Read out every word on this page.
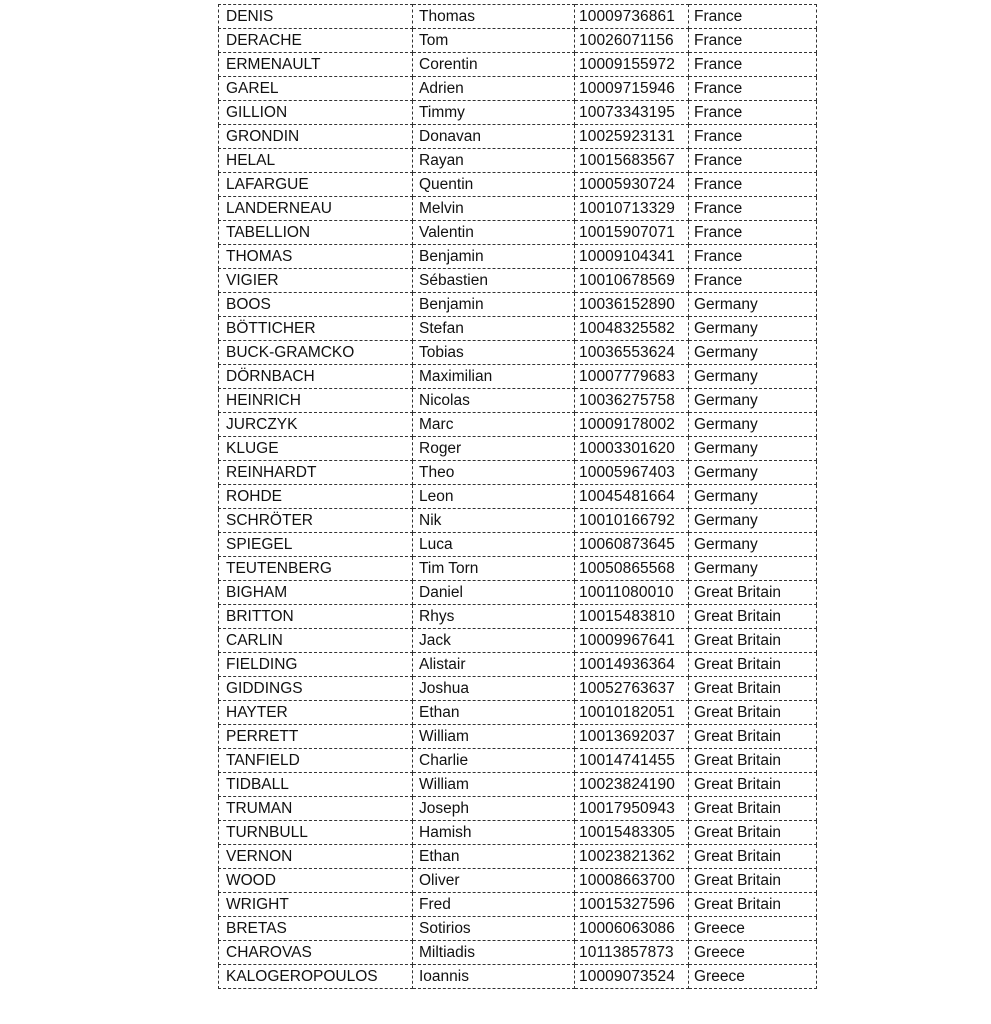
DENIS	Thomas	10009736861	France
DERACHE	Tom	10026071156	France
ERMENAULT	Corentin	10009155972	France
GAREL	Adrien	10009715946	France
GILLION	Timmy	10073343195	France
GRONDIN	Donavan	10025923131	France
HELAL	Rayan	10015683567	France
LAFARGUE	Quentin	10005930724	France
LANDERNEAU	Melvin	10010713329	France
TABELLION	Valentin	10015907071	France
THOMAS	Benjamin	10009104341	France
VIGIER	Sébastien	10010678569	France
BOOS	Benjamin	10036152890	Germany
BÖTTICHER	Stefan	10048325582	Germany
BUCK-GRAMCKO	Tobias	10036553624	Germany
DÖRNBACH	Maximilian	10007779683	Germany
HEINRICH	Nicolas	10036275758	Germany
JURCZYK	Marc	10009178002	Germany
KLUGE	Roger	10003301620	Germany
REINHARDT	Theo	10005967403	Germany
ROHDE	Leon	10045481664	Germany
SCHRÖTER	Nik	10010166792	Germany
SPIEGEL	Luca	10060873645	Germany
TEUTENBERG	Tim Torn	10050865568	Germany
BIGHAM	Daniel	10011080010	Great Britain
BRITTON	Rhys	10015483810	Great Britain
CARLIN	Jack	10009967641	Great Britain
FIELDING	Alistair	10014936364	Great Britain
GIDDINGS	Joshua	10052763637	Great Britain
HAYTER	Ethan	10010182051	Great Britain
PERRETT	William	10013692037	Great Britain
TANFIELD	Charlie	10014741455	Great Britain
TIDBALL	William	10023824190	Great Britain
TRUMAN	Joseph	10017950943	Great Britain
TURNBULL	Hamish	10015483305	Great Britain
VERNON	Ethan	10023821362	Great Britain
WOOD	Oliver	10008663700	Great Britain
WRIGHT	Fred	10015327596	Great Britain
BRETAS	Sotirios	10006063086	Greece
CHAROVAS	Miltiadis	10113857873	Greece
KALOGEROPOULOS	Ioannis	10009073524	Greece
